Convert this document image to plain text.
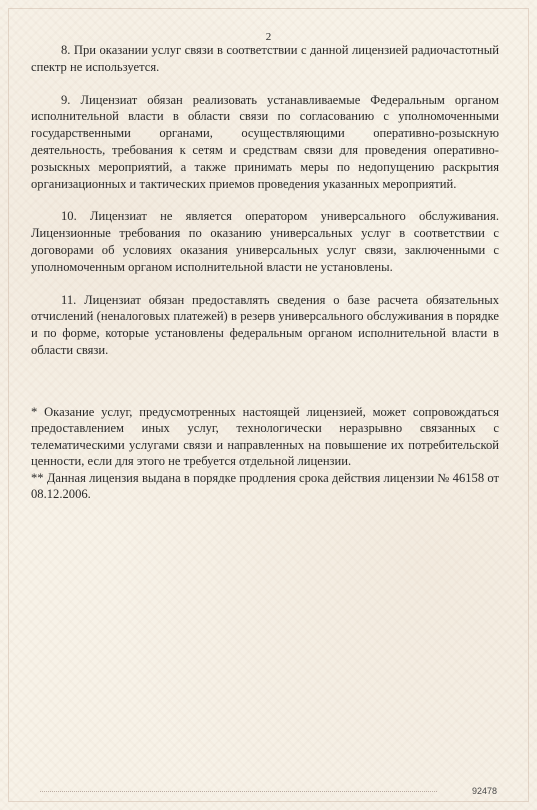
2

8. При оказании услуг связи в соответствии с данной лицензией радиочастотный спектр не используется.

9. Лицензиат обязан реализовать устанавливаемые Федеральным органом исполнительной власти в области связи по согласованию с уполномоченными государственными органами, осуществляющими оперативно-розыскную деятельность, требования к сетям и средствам связи для проведения оперативно-розыскных мероприятий, а также принимать меры по недопущению раскрытия организационных и тактических приемов проведения указанных мероприятий.

10. Лицензиат не является оператором универсального обслуживания. Лицензионные требования по оказанию универсальных услуг в соответствии с договорами об условиях оказания универсальных услуг связи, заключенными с уполномоченным органом исполнительной власти не установлены.

11. Лицензиат обязан предоставлять сведения о базе расчета обязательных отчислений (неналоговых платежей) в резерв универсального обслуживания в порядке и по форме, которые установлены федеральным органом исполнительной власти в области связи.

* Оказание услуг, предусмотренных настоящей лицензией, может сопровождаться предоставлением иных услуг, технологически неразрывно связанных с телематическими услугами связи и направленных на повышение их потребительской ценности, если для этого не требуется отдельной лицензии.

** Данная лицензия выдана в порядке продления срока действия лицензии № 46158 от 08.12.2006.

92478
